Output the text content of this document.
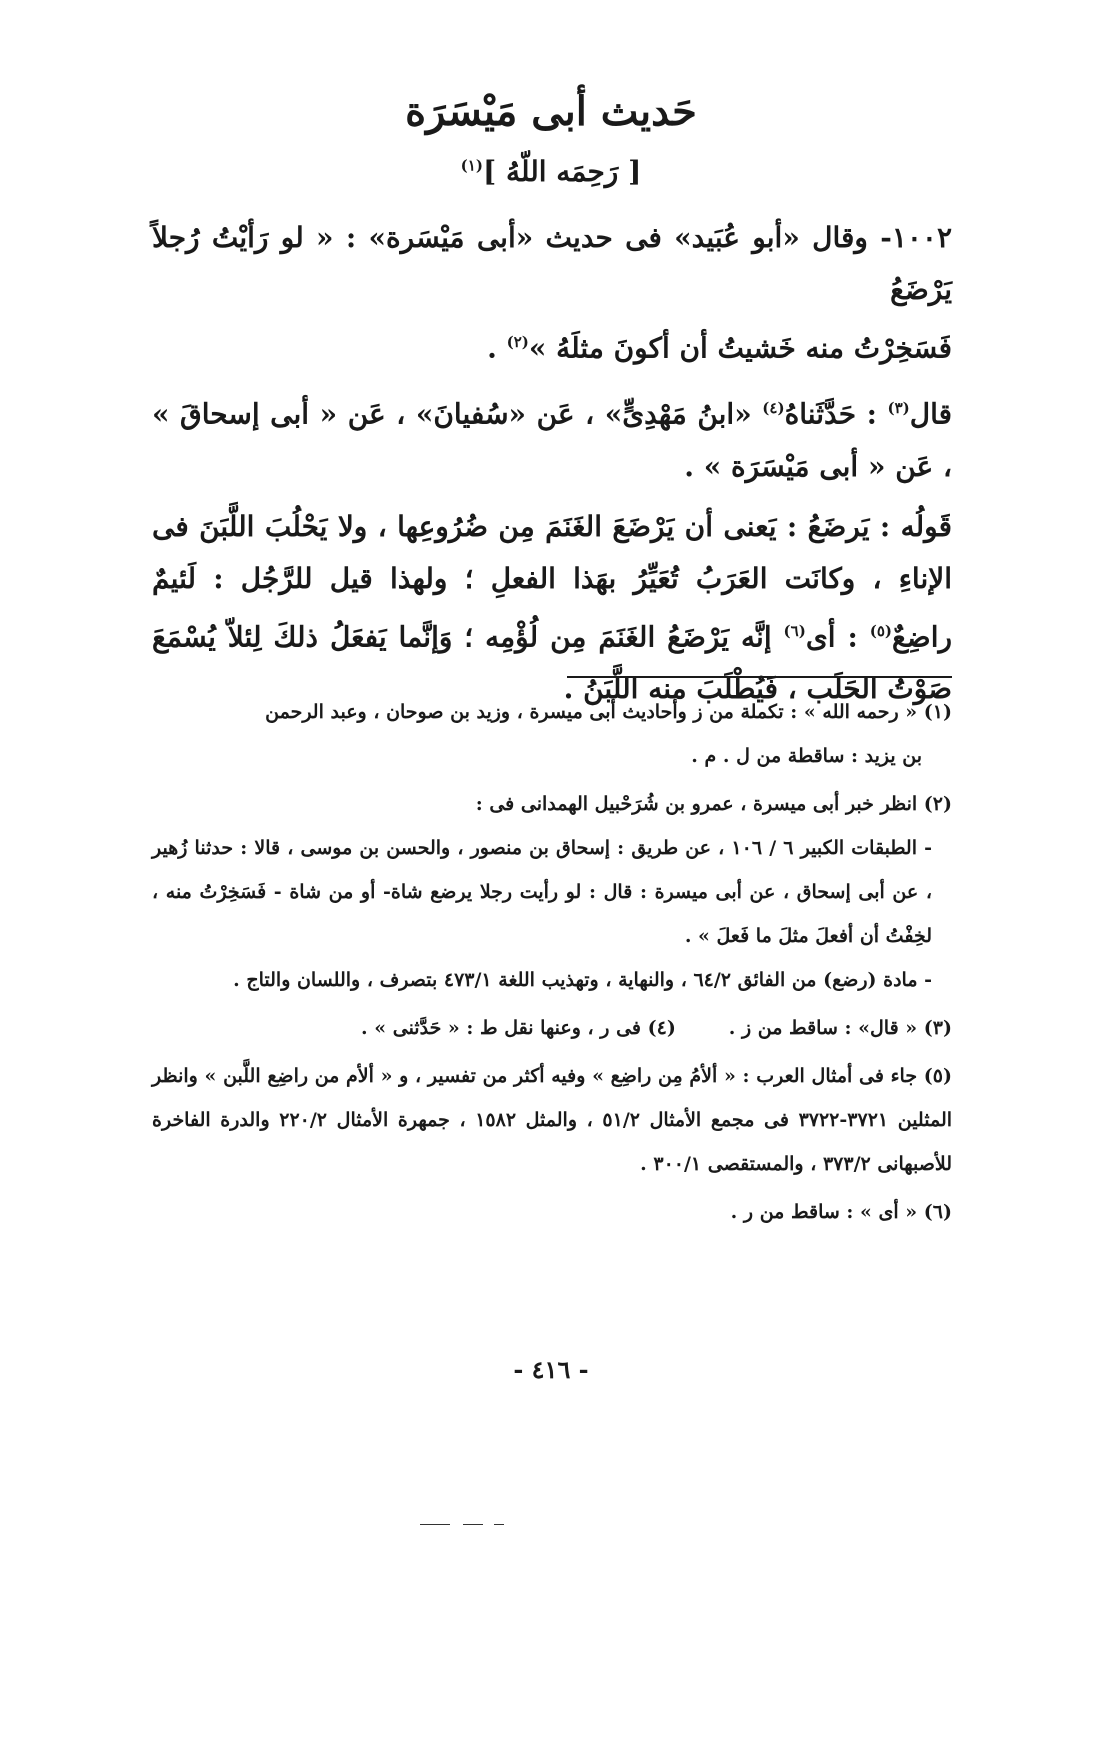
حَديث أبى مَيْسَرَة
[ رَحِمَه اللّهُ ]$^{(١)}$

١٠٠٢- وقال «أبو عُبَيد» فى حديث «أبى مَيْسَرة» : « لو رَأيْتُ رُجلاً يَرْضَعُ
فَسَخِرْتُ منه خَشيتُ أن أكونَ مثلَهُ »$^{(٢)}$ .

قال$^{(٣)}$ : حَدَّثَناهُ$^{(٤)}$ «ابنُ مَهْدِىٍّ» ، عَن «سُفيانَ» ، عَن « أبى إسحاقَ » ، عَن « أبى مَيْسَرَة » .

قَولُه : يَرضَعُ : يَعنى أن يَرْضَعَ الغَنَمَ مِن ضُرُوعِها ، ولا يَحْلُبَ اللَّبَنَ فى الإناءِ ، وكانَت العَرَبُ تُعَيِّرُ بهَذا الفعلِ ؛ ولهذا قيل للرَّجُل : لَئيمٌ راضِعٌ$^{(٥)}$ : أى$^{(٦)}$ إنَّه يَرْضَعُ الغَنَمَ مِن لُؤْمِه ؛ وَإنَّما يَفعَلُ ذلكَ لِئلاّ يُسْمَعَ صَوْتُ الحَلَب ، فَيُطْلَبَ منه اللَّبَنُ .

(١) « رحمه الله » : تكملة من ز وأحاديث أبى ميسرة ، وزيد بن صوحان ، وعبد الرحمن
بن يزيد : ساقطة من ل . م .
(٢) انظر خبر أبى ميسرة ، عمرو بن شُرَحْبيل الهمدانى فى :
- الطبقات الكبير ٦ / ١٠٦ ، عن طريق : إسحاق بن منصور ، والحسن بن موسى ، قالا : حدثنا زُهير ، عن أبى إسحاق ، عن أبى ميسرة : قال : لو رأيت رجلا يرضع شاة- أو من شاة - فَسَخِرْتُ منه ، لخِفْتُ أن أفعلَ مثلَ ما فَعلَ » .
- مادة (رضع) من الفائق ٦٤/٢ ، والنهاية ، وتهذيب اللغة ٤٧٣/١ بتصرف ، واللسان والتاج .
(٣) « قال» : ساقط من ز .        (٤) فى ر ، وعنها نقل ط : « حَدَّثنى » .
(٥) جاء فى أمثال العرب : « ألأمُ مِن راضِع » وفيه أكثر من تفسير ، و « ألأم من راضِع اللَّبن » وانظر المثلين ٣٧٢١-٣٧٢٢ فى مجمع الأمثال ٥١/٢ ، والمثل ١٥٨٢ ، جمهرة الأمثال ٢٢٠/٢ والدرة الفاخرة للأصبهانى ٣٧٣/٢ ، والمستقصى ٣٠٠/١ .
(٦) « أى » : ساقط من ر .
- ٤١٦ -
